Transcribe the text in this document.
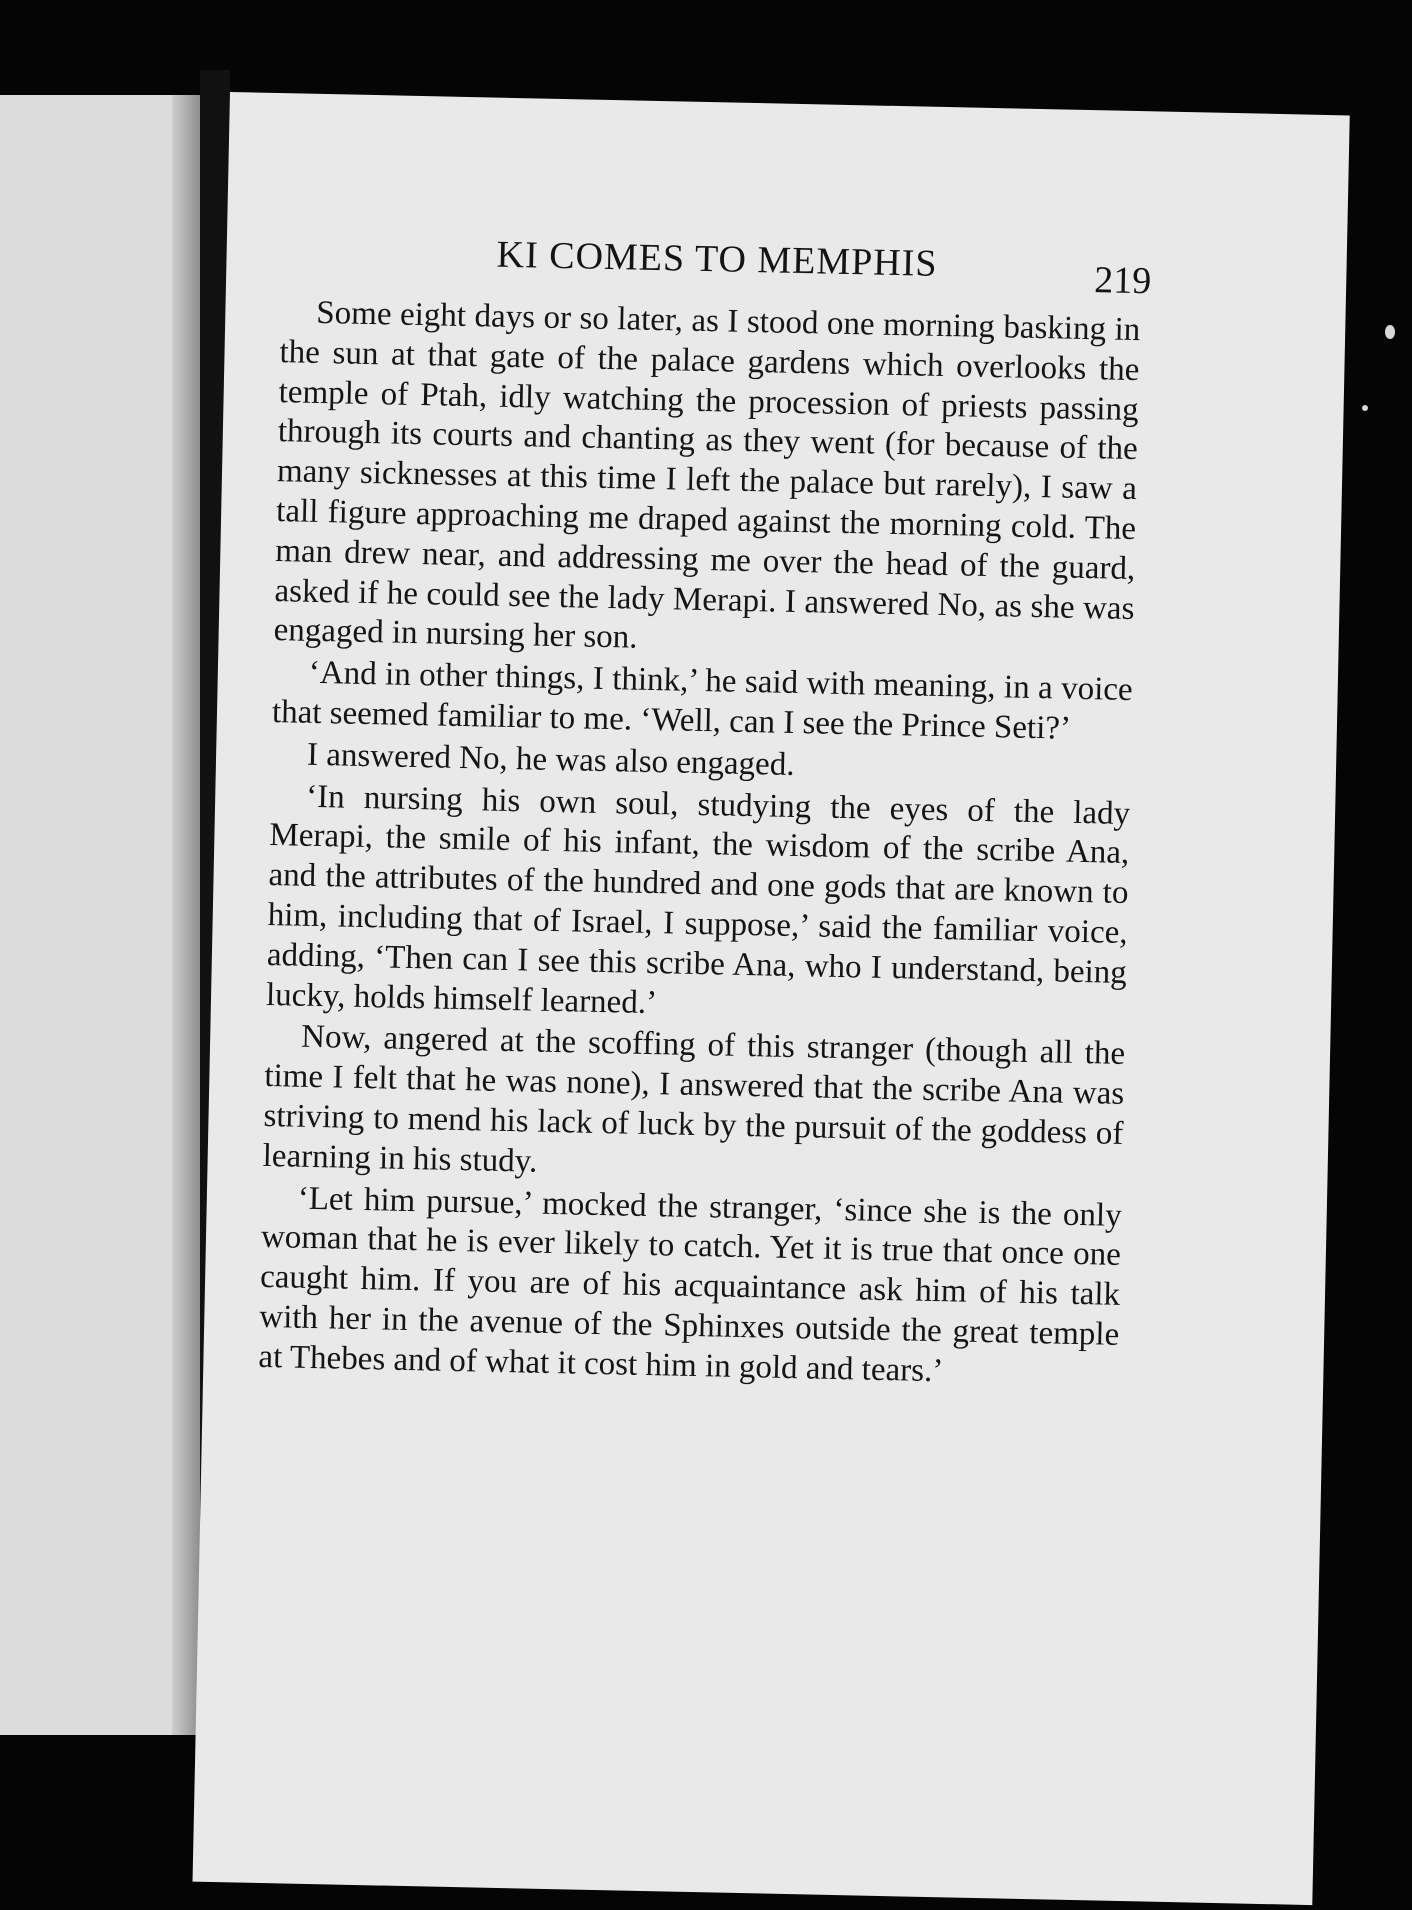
KI COMES TO MEMPHIS	219

Some eight days or so later, as I stood one morning basking in the sun at that gate of the palace gardens which overlooks the temple of Ptah, idly watching the procession of priests passing through its courts and chanting as they went (for because of the many sicknesses at this time I left the palace but rarely), I saw a tall figure approaching me draped against the morning cold. The man drew near, and addressing me over the head of the guard, asked if he could see the lady Merapi. I answered No, as she was engaged in nursing her son.

‘And in other things, I think,’ he said with meaning, in a voice that seemed familiar to me. ‘Well, can I see the Prince Seti?’

I answered No, he was also engaged.

‘In nursing his own soul, studying the eyes of the lady Merapi, the smile of his infant, the wisdom of the scribe Ana, and the attributes of the hundred and one gods that are known to him, including that of Israel, I suppose,’ said the familiar voice, adding, ‘Then can I see this scribe Ana, who I understand, being lucky, holds himself learned.’

Now, angered at the scoffing of this stranger (though all the time I felt that he was none), I answered that the scribe Ana was striving to mend his lack of luck by the pursuit of the goddess of learning in his study.

‘Let him pursue,’ mocked the stranger, ‘since she is the only woman that he is ever likely to catch. Yet it is true that once one caught him. If you are of his acquaintance ask him of his talk with her in the avenue of the Sphinxes outside the great temple at Thebes and of what it cost him in gold and tears.’
